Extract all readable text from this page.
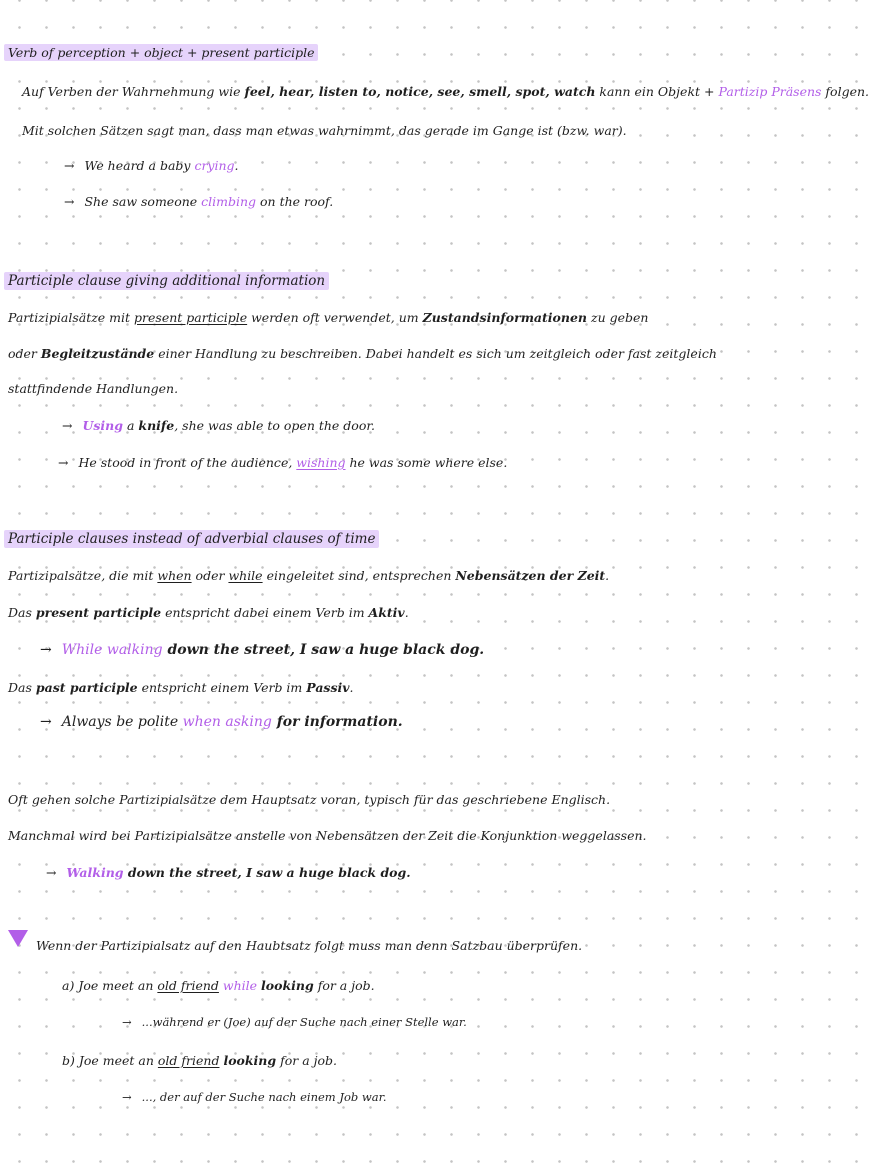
Verb of perception + object + present participle
Auf Verben der Wahrnehmung wie feel, hear, listen to, notice, see, smell, spot, watch kann ein Objekt + Partizip Präsens folgen.
Mit solchen Sätzen sagt man, dass man etwas wahrnimmt, das gerade im Gange ist (bzw. war).
→ We heard a baby crying.
→ She saw someone climbing on the roof.
Participle clause giving additional information
Partizipialsätze mit present participle werden oft verwendet, um Zustandsinformationen zu geben
oder Begleitzustände einer Handlung zu beschreiben. Dabei handelt es sich um zeitgleich oder fast zeitgleich
stattfindende Handlungen.
→ Using a knife, she was able to open the door.
→ He stood in front of the audience, wishing he was some where else.
Participle clauses instead of adverbial clauses of time
Partizipalsätze, die mit when oder while eingeleitet sind, entsprechen Nebensätzen der Zeit.
Das present participle entspricht dabei einem Verb im Aktiv.
→ While walking down the street, I saw a huge black dog.
Das past participle entspricht einem Verb im Passiv.
→ Always be polite when asking for information.
Oft gehen solche Partizipialsätze dem Hauptsatz voran, typisch für das geschriebene Englisch.
Manchmal wird bei Partizipialsätze anstelle von Nebensätzen der Zeit die Konjunktion weggelassen.
→ Walking down the street, I saw a huge black dog.
Wenn der Partizipialsatz auf den Haubtsatz folgt muss man denn Satzbau überprüfen.
a) Joe meet an old friend while looking for a job.
→ ...während er (Joe) auf der Suche nach einer Stelle war.
b) Joe meet an old friend looking for a job.
→ ..., der auf der Suche nach einem Job war.
